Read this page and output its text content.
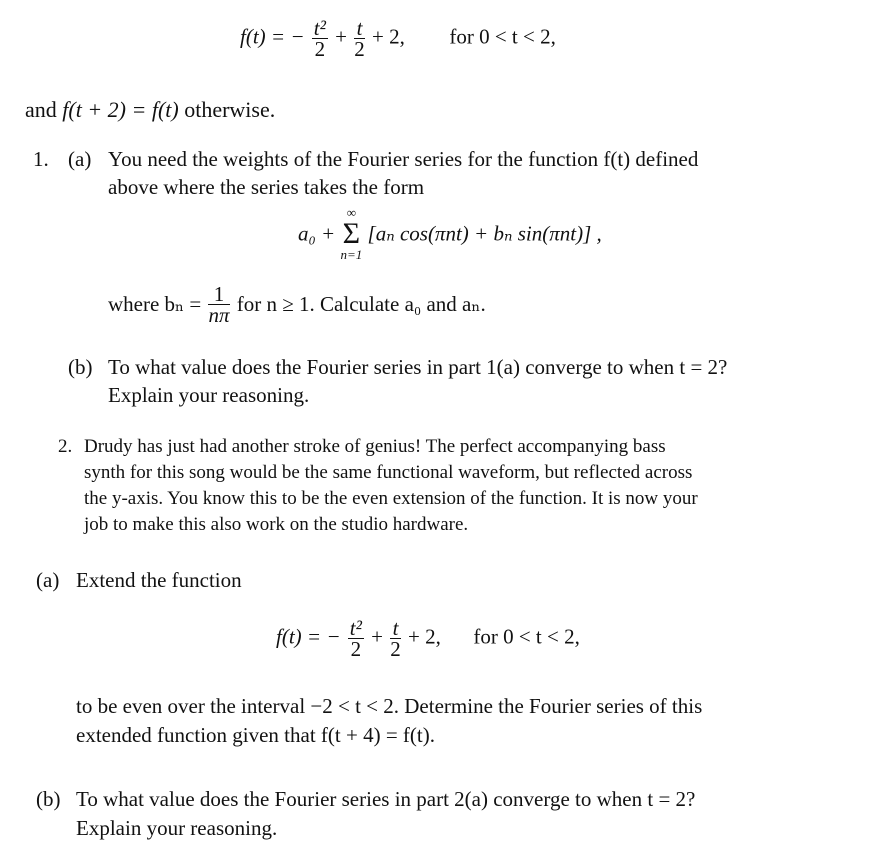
f(t) = − $\frac{\text{t²}}{2} + \frac{t}{2} + 2$, for 0 < t < 2,
and f(t + 2) = f(t) otherwise.
1. (a) You need the weights of the Fourier series for the function f(t) defined
above where the series takes the form
a₀ +
∞
Σ
n=1
[aₙ cos(πnt) + bₙ sin(πnt)] ,
where $b_n = \frac{1}{n\pi}$ for n ≥ 1. Calculate a₀ and aₙ.
(b) To what value does the Fourier series in part 1(a) converge to when t = 2?
Explain your reasoning.
2. Drudy has just had another stroke of genius! The perfect accompanying bass
synth for this song would be the same functional waveform, but reflected across
the y-axis. You know this to be the even extension of the function. It is now your
job to make this also work on the studio hardware.
(a) Extend the function
f(t) = − $\frac{\text{t²}}{2} + \frac{t}{2} + 2$, for 0 < t < 2,
to be even over the interval −2 < t < 2. Determine the Fourier series of this
extended function given that f(t + 4) = f(t).
(b) To what value does the Fourier series in part 2(a) converge to when t = 2?
Explain your reasoning.
